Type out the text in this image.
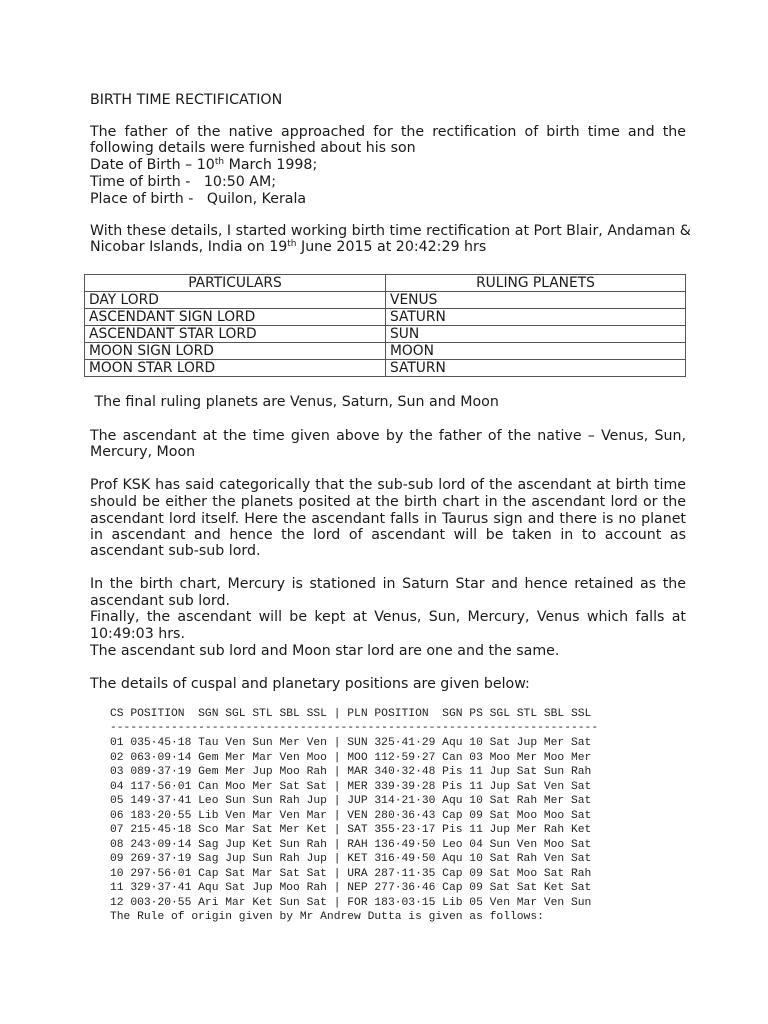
BIRTH TIME RECTIFICATION
The father of the native approached for the rectification of birth time and the
following details were furnished about his son
Date of Birth – 10th March 1998;
Time of birth -   10:50 AM;
Place of birth -   Quilon, Kerala
With these details, I started working birth time rectification at Port Blair, Andaman &
Nicobar Islands, India on 19th June 2015 at 20:42:29 hrs
PARTICULARS	RULING PLANETS
DAY LORD	VENUS
ASCENDANT SIGN LORD	SATURN
ASCENDANT STAR LORD	SUN
MOON SIGN LORD	MOON
MOON STAR LORD	SATURN
The final ruling planets are Venus, Saturn, Sun and Moon
The ascendant at the time given above by the father of the native – Venus, Sun,
Mercury, Moon
Prof KSK has said categorically that the sub-sub lord of the ascendant at birth time
should be either the planets posited at the birth chart in the ascendant lord or the
ascendant lord itself. Here the ascendant falls in Taurus sign and there is no planet
in ascendant and hence the lord of ascendant will be taken in to account as
ascendant sub-sub lord.
In the birth chart, Mercury is stationed in Saturn Star and hence retained as the
ascendant sub lord.
Finally, the ascendant will be kept at Venus, Sun, Mercury, Venus which falls at
10:49:03 hrs.
The ascendant sub lord and Moon star lord are one and the same.
The details of cuspal and planetary positions are given below:
CS POSITION  SGN SGL STL SBL SSL | PLN POSITION  SGN PS SGL STL SBL SSL
------------------------------------------------------------------------
01 035·45·18 Tau Ven Sun Mer Ven | SUN 325·41·29 Aqu 10 Sat Jup Mer Sat
02 063·09·14 Gem Mer Mar Ven Moo | MOO 112·59·27 Can 03 Moo Mer Moo Mer
03 089·37·19 Gem Mer Jup Moo Rah | MAR 340·32·48 Pis 11 Jup Sat Sun Rah
04 117·56·01 Can Moo Mer Sat Sat | MER 339·39·28 Pis 11 Jup Sat Ven Sat
05 149·37·41 Leo Sun Sun Rah Jup | JUP 314·21·30 Aqu 10 Sat Rah Mer Sat
06 183·20·55 Lib Ven Mar Ven Mar | VEN 280·36·43 Cap 09 Sat Moo Moo Sat
07 215·45·18 Sco Mar Sat Mer Ket | SAT 355·23·17 Pis 11 Jup Mer Rah Ket
08 243·09·14 Sag Jup Ket Sun Rah | RAH 136·49·50 Leo 04 Sun Ven Moo Sat
09 269·37·19 Sag Jup Sun Rah Jup | KET 316·49·50 Aqu 10 Sat Rah Ven Sat
10 297·56·01 Cap Sat Mar Sat Sat | URA 287·11·35 Cap 09 Sat Moo Sat Rah
11 329·37·41 Aqu Sat Jup Moo Rah | NEP 277·36·46 Cap 09 Sat Sat Ket Sat
12 003·20·55 Ari Mar Ket Sun Sat | FOR 183·03·15 Lib 05 Ven Mar Ven Sun
The Rule of origin given by Mr Andrew Dutta is given as follows:
